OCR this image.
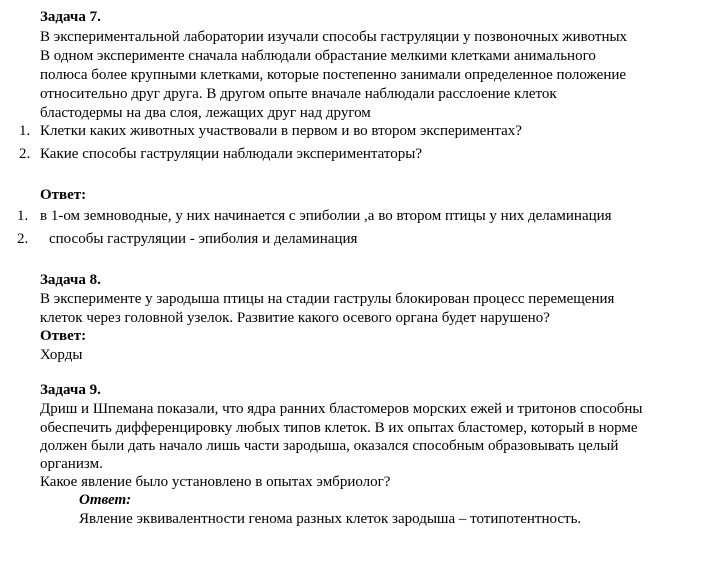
Задача 7.
В экспериментальной лаборатории изучали способы гаструляции у позвоночных животных
В одном эксперименте сначала наблюдали обрастание мелкими клетками анимального
полюса более крупными клетками, которые постепенно занимали определенное положение
относительно друг друга. В другом опыте вначале наблюдали расслоение клеток
бластодермы на два слоя, лежащих друг над другом
1. Клетки каких животных участвовали в первом и во втором экспериментах?
2. Какие способы гаструляции наблюдали экспериментаторы?
Ответ:
1. в 1-ом земноводные, у них начинается с эпиболии ,а во втором птицы у них деламинация
2. способы гаструляции - эпиболия и деламинация
Задача 8.
В эксперименте у зародыша птицы на стадии гаструлы блокирован процесс перемещения
клеток через головной узелок. Развитие какого осевого органа будет нарушено?
Ответ:
Хорды
Задача 9.
Дриш и Шпемана показали, что ядра ранних бластомеров морских ежей и тритонов способны
обеспечить дифференцировку любых типов клеток. В их опытах бластомер, который в норме
должен были дать начало лишь части зародыша, оказался способным образовывать целый
организм.
Какое явление было установлено в опытах эмбриолог?
Ответ:
Явление эквивалентности генома разных клеток зародыша – тотипотентность.
